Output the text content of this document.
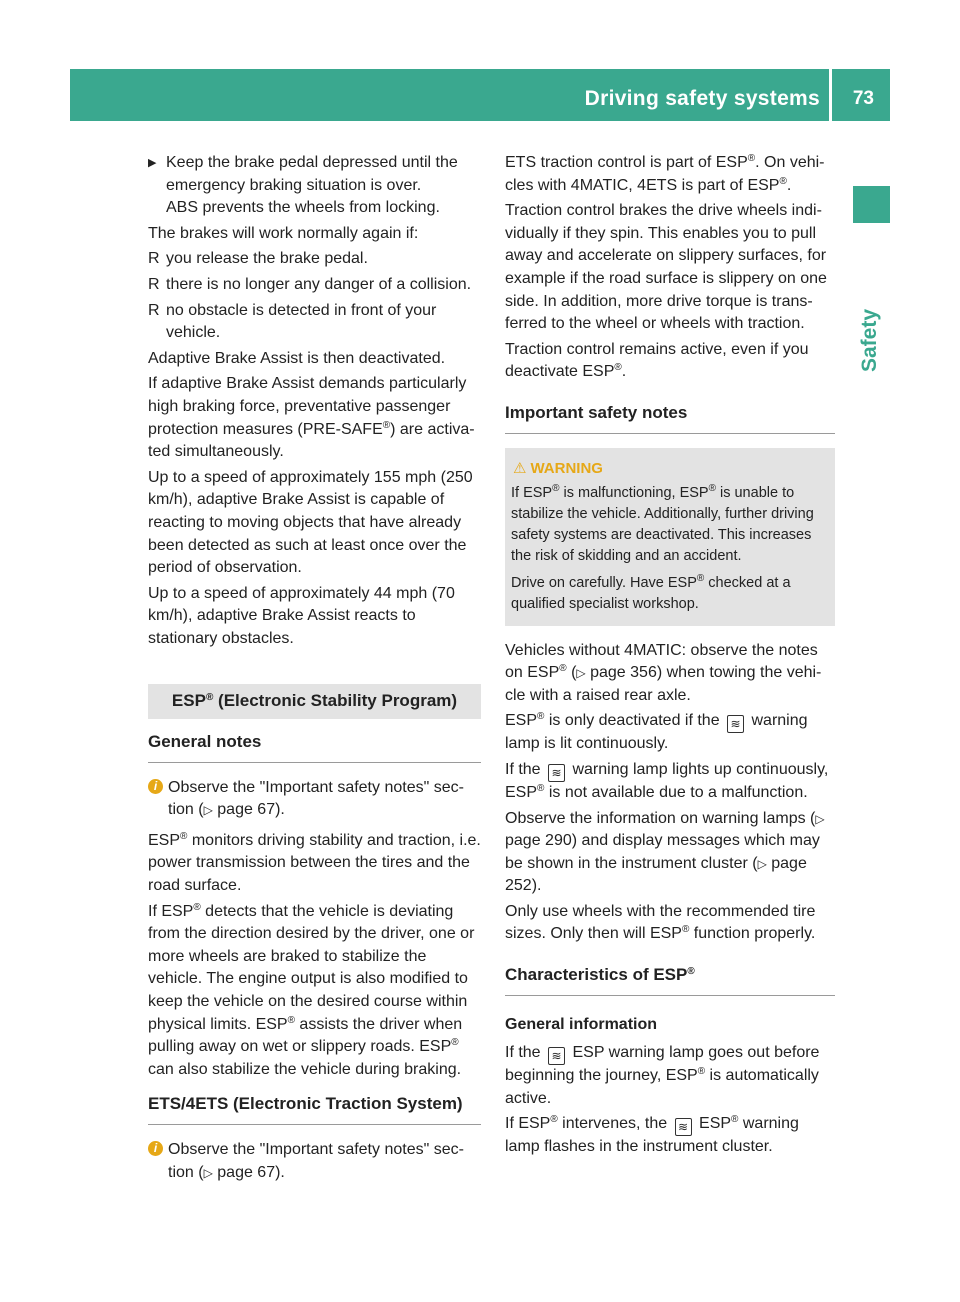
Driving safety systems 73
Safety

▶ Keep the brake pedal depressed until the emergency braking situation is over.
ABS prevents the wheels from locking.

The brakes will work normally again if:

R you release the brake pedal.
R there is no longer any danger of a collision.
R no obstacle is detected in front of your vehicle.

Adaptive Brake Assist is then deactivated.

If adaptive Brake Assist demands particularly high braking force, preventative passenger protection measures (PRE-SAFE®) are activated simultaneously.

Up to a speed of approximately 155 mph (250 km/h), adaptive Brake Assist is capable of reacting to moving objects that have already been detected as such at least once over the period of observation.

Up to a speed of approximately 44 mph (70 km/h), adaptive Brake Assist reacts to stationary obstacles.

ESP® (Electronic Stability Program)
General notes
i Observe the "Important safety notes" section (▷ page 67).

ESP® monitors driving stability and traction, i.e. power transmission between the tires and the road surface.

If ESP® detects that the vehicle is deviating from the direction desired by the driver, one or more wheels are braked to stabilize the vehicle. The engine output is also modified to keep the vehicle on the desired course within physical limits. ESP® assists the driver when pulling away on wet or slippery roads. ESP® can also stabilize the vehicle during braking.

ETS/4ETS (Electronic Traction System)
i Observe the "Important safety notes" section (▷ page 67).

ETS traction control is part of ESP®. On vehicles with 4MATIC, 4ETS is part of ESP®.

Traction control brakes the drive wheels individually if they spin. This enables you to pull away and accelerate on slippery surfaces, for example if the road surface is slippery on one side. In addition, more drive torque is transferred to the wheel or wheels with traction.

Traction control remains active, even if you deactivate ESP®.

Important safety notes
⚠ WARNING

If ESP® is malfunctioning, ESP® is unable to stabilize the vehicle. Additionally, further driving safety systems are deactivated. This increases the risk of skidding and an accident.

Drive on carefully. Have ESP® checked at a qualified specialist workshop.

Vehicles without 4MATIC: observe the notes on ESP® (▷ page 356) when towing the vehicle with a raised rear axle.

ESP® is only deactivated if the ≋ warning lamp is lit continuously.

If the ≋ warning lamp lights up continuously, ESP® is not available due to a malfunction.

Observe the information on warning lamps (▷ page 290) and display messages which may be shown in the instrument cluster (▷ page 252).

Only use wheels with the recommended tire sizes. Only then will ESP® function properly.

Characteristics of ESP®
General information

If the ≋ ESP warning lamp goes out before beginning the journey, ESP® is automatically active.

If ESP® intervenes, the ≋ ESP® warning lamp flashes in the instrument cluster.
